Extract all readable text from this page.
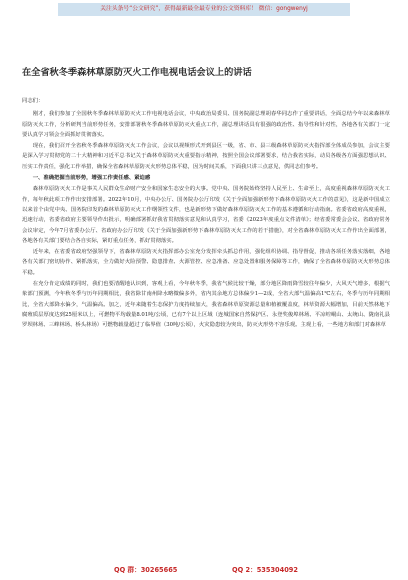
关注头条号“公文研究”，获得最新最全最专业的公文资料库！ 微信：gongwenyj
在全省秋冬季森林草原防灭火工作电视电话会议上的讲话

同志们：

刚才，我们参加了全国秋冬季森林草原防灭火工作电视电话会议，中央政治局委员、国务院副总理胡春华同志作了重要讲话，全面总结今年以来森林草原防灭火工作，分析研判当前形势任务，安排部署秋冬季森林草原防灭火重点工作，副总理讲话具有很强的政治性、指导性和针对性，各地各有关部门一定要认真学习领会全面抓好贯彻落实。

现在，我们召开全省秋冬季森林草原防灭火工作会议，会议以视频形式开到县区一级，省、市、县三级森林草原防灭火指挥部全体成员参加，会议主要是深入学习贯彻党的二十大精神和习近平总书记关于森林草原防灭火重要指示精神，按照全国会议部署要求，结合我省实际，动员各级各方面强思想认识、压实工作责任，强化工作举措，确保全省森林草原防灭火形势总体平稳，因为时间关系，下面我只讲三点意见，供同志们参考。

一、准确把握当前形势，增强工作责任感、紧迫感

森林草原防灭火工作是事关人民群众生命财产安全和国家生态安全的大事。党中央、国务院始终坚持人民至上、生命至上，高度重视森林草原防灭火工作，每年秋此项工作作出安排部署。2022年10月，中央办公厅、国务院办公厅印发《关于全面加强新形势下森林草原防灭火工作的意见》，这是新中国成立以来首个由党中央、国务院印发的森林草原防灭火工作纲领性文件，也是新形势下做好森林草原防灭火工作的基本遵循和行动指南。省委省政府高度重视，迅速行动，省委省政府主要领导作出批示，明确部署抓好我省贯彻落实意见和认真学习，省委《2023年度重点文件清单》；经省委常委会会议、省政府常务会议审定，今年7月省委办公厅、省政府办公厅印发《关于全面加强新形势下森林草原防灭火工作的若干措施》，对全省森林草原防灭火工作作出全面部署，各地各有关部门要结合各自实际，紧盯重点任务，抓好贯彻落实。

近年来，在省委省政府坚强领导下，省森林草原防灭火指挥部办公室充分发挥牵头抓总作用，强化组织协调、指导督促，推动各项任务落实落细，各地各有关部门密切协作、紧抓落实，全力做好火险预警、隐患排查、火源管控、应急准备、应急处置和服务保障等工作，确保了全省森林草原防灭火形势总体平稳。

在充分肯定成绩的同时，我们也要清醒地认识到，客观上看，今年秋冬季，我省气候比较干燥，部分地区降雨降雪较往年偏少，大风天气增多，根据气象部门预测，今年秋冬季与历年同期相比，我省除甘南州降水略微偏多外，省内其余地方总体偏少1—2成，全省大部气温偏高1℃左右，冬季与历年同期相比，全省大部降水偏少，气温偏高。加之，近年来随着生态保护力度持续加大，我省森林草原资源总量和植被覆盖度，林草资源大幅增加，目前天然林地下腐殖质层厚度达到25厘米以上，可燃物平均载量8.01吨/公顷，已有7个以上区域（连城国家自然保护区、永登奖俊埠林场、平凉崆峒山、太统山、陇南礼县罗坝林场、三峰林场、桥头林场）可燃物载量超过了临界值（30吨/公顷），火灾隐患较为突出，防灭火形势不容乐观。主观上看，一些地方和部门对森林草

QQ 群：30265665	QQ 2：535304092
